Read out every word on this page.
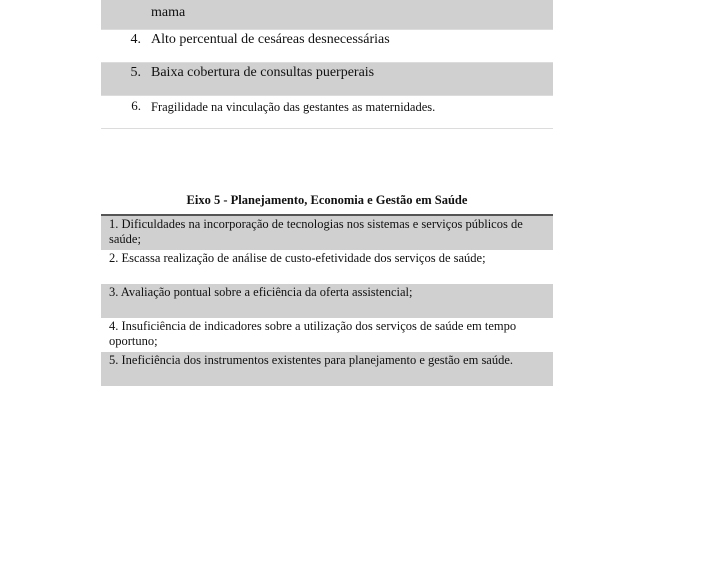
mama
4. Alto percentual de cesáreas desnecessárias
5. Baixa cobertura de consultas puerperais
6. Fragilidade na vinculação das gestantes as maternidades.
Eixo 5 - Planejamento, Economia e Gestão em Saúde
1. Dificuldades na incorporação de tecnologias nos sistemas e serviços públicos de saúde;
2. Escassa realização de análise de custo-efetividade dos serviços de saúde;
3. Avaliação pontual sobre a eficiência da oferta assistencial;
4. Insuficiência de indicadores sobre a utilização dos serviços de saúde em tempo oportuno;
5. Ineficiência dos instrumentos existentes para planejamento e gestão em saúde.
